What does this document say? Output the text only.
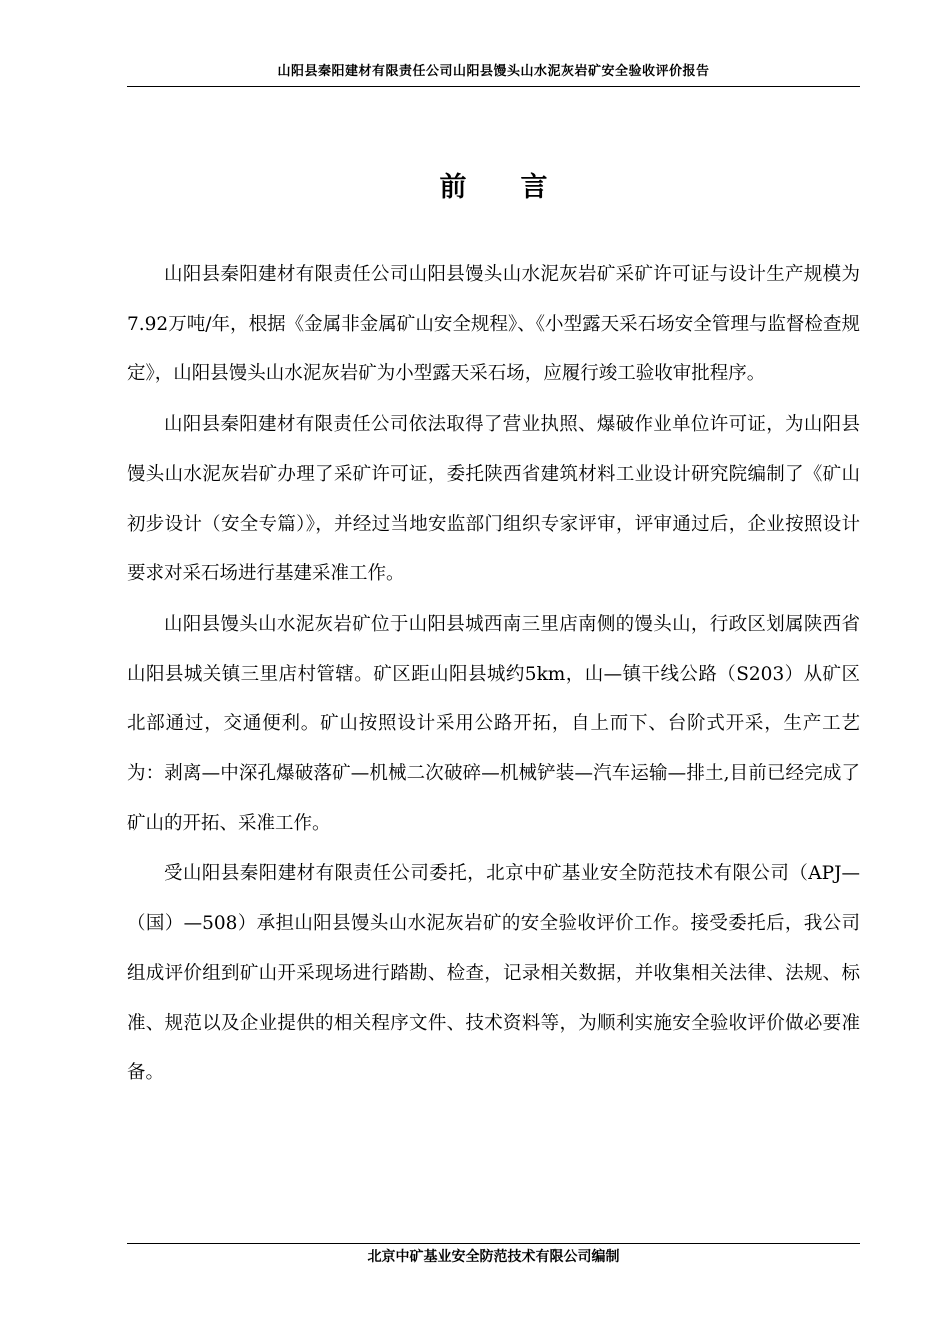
山阳县秦阳建材有限责任公司山阳县馒头山水泥灰岩矿安全验收评价报告
前　　言

山阳县秦阳建材有限责任公司山阳县馒头山水泥灰岩矿采矿许可证与设计生产规模为7.92万吨/年，根据《金属非金属矿山安全规程》、《小型露天采石场安全管理与监督检查规定》，山阳县馒头山水泥灰岩矿为小型露天采石场，应履行竣工验收审批程序。

山阳县秦阳建材有限责任公司依法取得了营业执照、爆破作业单位许可证，为山阳县馒头山水泥灰岩矿办理了采矿许可证，委托陕西省建筑材料工业设计研究院编制了《矿山初步设计（安全专篇）》，并经过当地安监部门组织专家评审，评审通过后，企业按照设计要求对采石场进行基建采准工作。

山阳县馒头山水泥灰岩矿位于山阳县城西南三里店南侧的馒头山，行政区划属陕西省山阳县城关镇三里店村管辖。矿区距山阳县城约5km，山—镇干线公路（S203）从矿区北部通过，交通便利。矿山按照设计采用公路开拓，自上而下、台阶式开采，生产工艺为：剥离—中深孔爆破落矿—机械二次破碎—机械铲装—汽车运输—排土,目前已经完成了矿山的开拓、采准工作。

受山阳县秦阳建材有限责任公司委托，北京中矿基业安全防范技术有限公司（APJ—（国）—508）承担山阳县馒头山水泥灰岩矿的安全验收评价工作。接受委托后，我公司组成评价组到矿山开采现场进行踏勘、检查，记录相关数据，并收集相关法律、法规、标准、规范以及企业提供的相关程序文件、技术资料等，为顺利实施安全验收评价做必要准备。

北京中矿基业安全防范技术有限公司编制
